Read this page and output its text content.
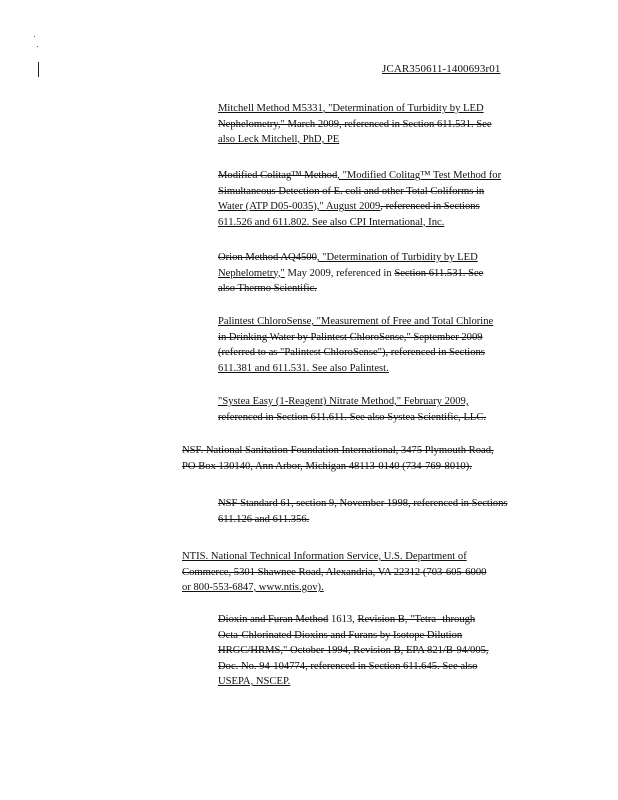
JCAR350611-1400693r01
Mitchell Method M5331, "Determination of Turbidity by LED
Nephelometry," March 2009, referenced in Section 611.531. See
also Leck Mitchell, PhD, PE
Modified Colitag™ Method, "Modified Colitag™ Test Method for
Simultaneous Detection of E. coli and other Total Coliforms in
Water (ATP D05-0035)," August 2009, referenced in Sections
611.526 and 611.802. See also CPI International, Inc.
Orion Method AQ4500, "Determination of Turbidity by LED
Nephelometry," May 2009, referenced in Section 611.531. See
also Thermo Scientific.
Palintest ChloroSense, "Measurement of Free and Total Chlorine
in Drinking Water by Palintest ChloroSense," September 2009
(referred to as "Palintest ChloroSense"), referenced in Sections
611.381 and 611.531. See also Palintest.
"Systea Easy (1-Reagent) Nitrate Method," February 2009,
referenced in Section 611.611. See also Systea Scientific, LLC.
NSF. National Sanitation Foundation International, 3475 Plymouth Road,
PO Box 130140, Ann Arbor, Michigan 48113-0140 (734-769-8010).
NSF Standard 61, section 9, November 1998, referenced in Sections
611.126 and 611.356.
NTIS. National Technical Information Service, U.S. Department of
Commerce, 5301 Shawnee Road, Alexandria, VA 22312 (703-605-6000
or 800-553-6847, www.ntis.gov).
Dioxin and Furan Method 1613, Revision B, "Tetra- through
Octa-Chlorinated Dioxins and Furans by Isotope Dilution
HRGC/HRMS," October 1994, Revision B, EPA 821/B-94/005,
Doc. No. 94-104774, referenced in Section 611.645. See also
USEPA, NSCEP.
